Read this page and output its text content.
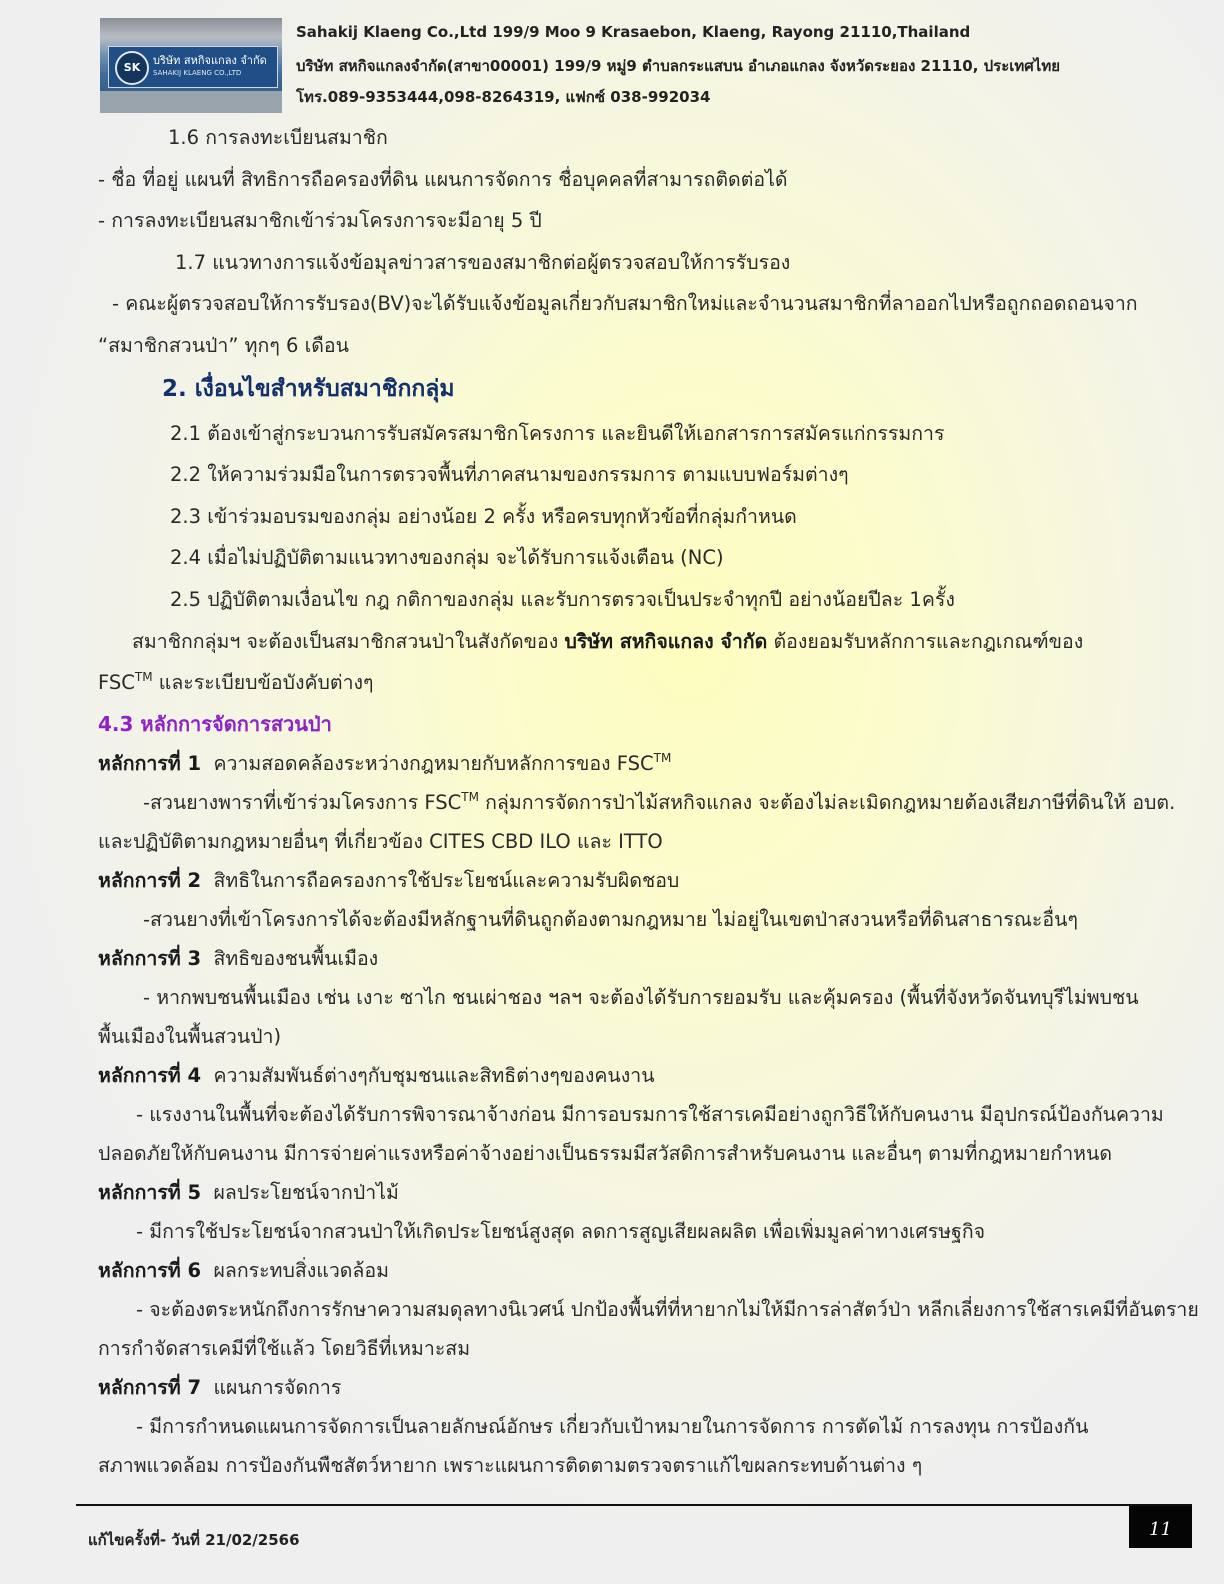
SK
บริษัท สหกิจแกลง จำกัด
SAHAKIJ KLAENG CO.,LTD
Sahakij Klaeng Co.,Ltd 199/9 Moo 9 Krasaebon, Klaeng, Rayong 21110,Thailand
บริษัท สหกิจแกลงจำกัด(สาขา00001) 199/9 หมู่9 ตำบลกระแสบน อำเภอแกลง จังหวัดระยอง 21110, ประเทศไทย
โทร.089-9353444,098-8264319, แฟกซ์ 038-992034
1.6 การลงทะเบียนสมาชิก
- ชื่อ ที่อยู่ แผนที่ สิทธิการถือครองที่ดิน แผนการจัดการ ชื่อบุคคลที่สามารถติดต่อได้
- การลงทะเบียนสมาชิกเข้าร่วมโครงการจะมีอายุ 5 ปี
1.7 แนวทางการแจ้งข้อมุลข่าวสารของสมาชิกต่อผู้ตรวจสอบให้การรับรอง
- คณะผู้ตรวจสอบให้การรับรอง(BV)จะได้รับแจ้งข้อมูลเกี่ยวกับสมาชิกใหม่และจำนวนสมาชิกที่ลาออกไปหรือถูกถอดถอนจาก
“สมาชิกสวนป่า” ทุกๆ 6 เดือน
2. เงื่อนไขสำหรับสมาชิกกลุ่ม
2.1 ต้องเข้าสู่กระบวนการรับสมัครสมาชิกโครงการ และยินดีให้เอกสารการสมัครแก่กรรมการ
2.2 ให้ความร่วมมือในการตรวจพื้นที่ภาคสนามของกรรมการ ตามแบบฟอร์มต่างๆ
2.3 เข้าร่วมอบรมของกลุ่ม อย่างน้อย 2 ครั้ง หรือครบทุกหัวข้อที่กลุ่มกำหนด
2.4 เมื่อไม่ปฏิบัติตามแนวทางของกลุ่ม จะได้รับการแจ้งเตือน (NC)
2.5 ปฏิบัติตามเงื่อนไข กฎ กติกาของกลุ่ม และรับการตรวจเป็นประจำทุกปี อย่างน้อยปีละ 1ครั้ง
สมาชิกกลุ่มฯ จะต้องเป็นสมาชิกสวนป่าในสังกัดของ บริษัท สหกิจแกลง จำกัด ต้องยอมรับหลักการและกฎเกณฑ์ของ
FSC™ และระเบียบข้อบังคับต่างๆ
4.3 หลักการจัดการสวนป่า
หลักการที่ 1 ความสอดคล้องระหว่างกฎหมายกับหลักการของ FSC™
-สวนยางพาราที่เข้าร่วมโครงการ FSC™ กลุ่มการจัดการป่าไม้สหกิจแกลง จะต้องไม่ละเมิดกฎหมายต้องเสียภาษีที่ดินให้ อบต.
และปฏิบัติตามกฎหมายอื่นๆ ที่เกี่ยวข้อง CITES CBD ILO และ ITTO
หลักการที่ 2 สิทธิในการถือครองการใช้ประโยชน์และความรับผิดชอบ
-สวนยางที่เข้าโครงการได้จะต้องมีหลักฐานที่ดินถูกต้องตามกฎหมาย ไม่อยู่ในเขตป่าสงวนหรือที่ดินสาธารณะอื่นๆ
หลักการที่ 3 สิทธิของชนพื้นเมือง
- หากพบชนพื้นเมือง เช่น เงาะ ซาไก ชนเผ่าชอง ฯลฯ จะต้องได้รับการยอมรับ และคุ้มครอง (พื้นที่จังหวัดจันทบุรีไม่พบชน
พื้นเมืองในพื้นสวนป่า)
หลักการที่ 4 ความสัมพันธ์ต่างๆกับชุมชนและสิทธิต่างๆของคนงาน
- แรงงานในพื้นที่จะต้องได้รับการพิจารณาจ้างก่อน มีการอบรมการใช้สารเคมีอย่างถูกวิธีให้กับคนงาน มีอุปกรณ์ป้องกันความ
ปลอดภัยให้กับคนงาน มีการจ่ายค่าแรงหรือค่าจ้างอย่างเป็นธรรมมีสวัสดิการสำหรับคนงาน และอื่นๆ ตามที่กฎหมายกำหนด
หลักการที่ 5 ผลประโยชน์จากป่าไม้
- มีการใช้ประโยชน์จากสวนป่าให้เกิดประโยชน์สูงสุด ลดการสูญเสียผลผลิต เพื่อเพิ่มมูลค่าทางเศรษฐกิจ
หลักการที่ 6 ผลกระทบสิ่งแวดล้อม
- จะต้องตระหนักถึงการรักษาความสมดุลทางนิเวศน์ ปกป้องพื้นที่ที่หายากไม่ให้มีการล่าสัตว์ป่า หลีกเลี่ยงการใช้สารเคมีที่อันตราย
การกำจัดสารเคมีที่ใช้แล้ว โดยวิธีที่เหมาะสม
หลักการที่ 7 แผนการจัดการ
- มีการกำหนดแผนการจัดการเป็นลายลักษณ์อักษร เกี่ยวกับเป้าหมายในการจัดการ การตัดไม้ การลงทุน การป้องกัน
สภาพแวดล้อม การป้องกันพืชสัตว์หายาก เพราะแผนการติดตามตรวจตราแก้ไขผลกระทบด้านต่าง ๆ
แก้ไขครั้งที่- วันที่ 21/02/2566	11
